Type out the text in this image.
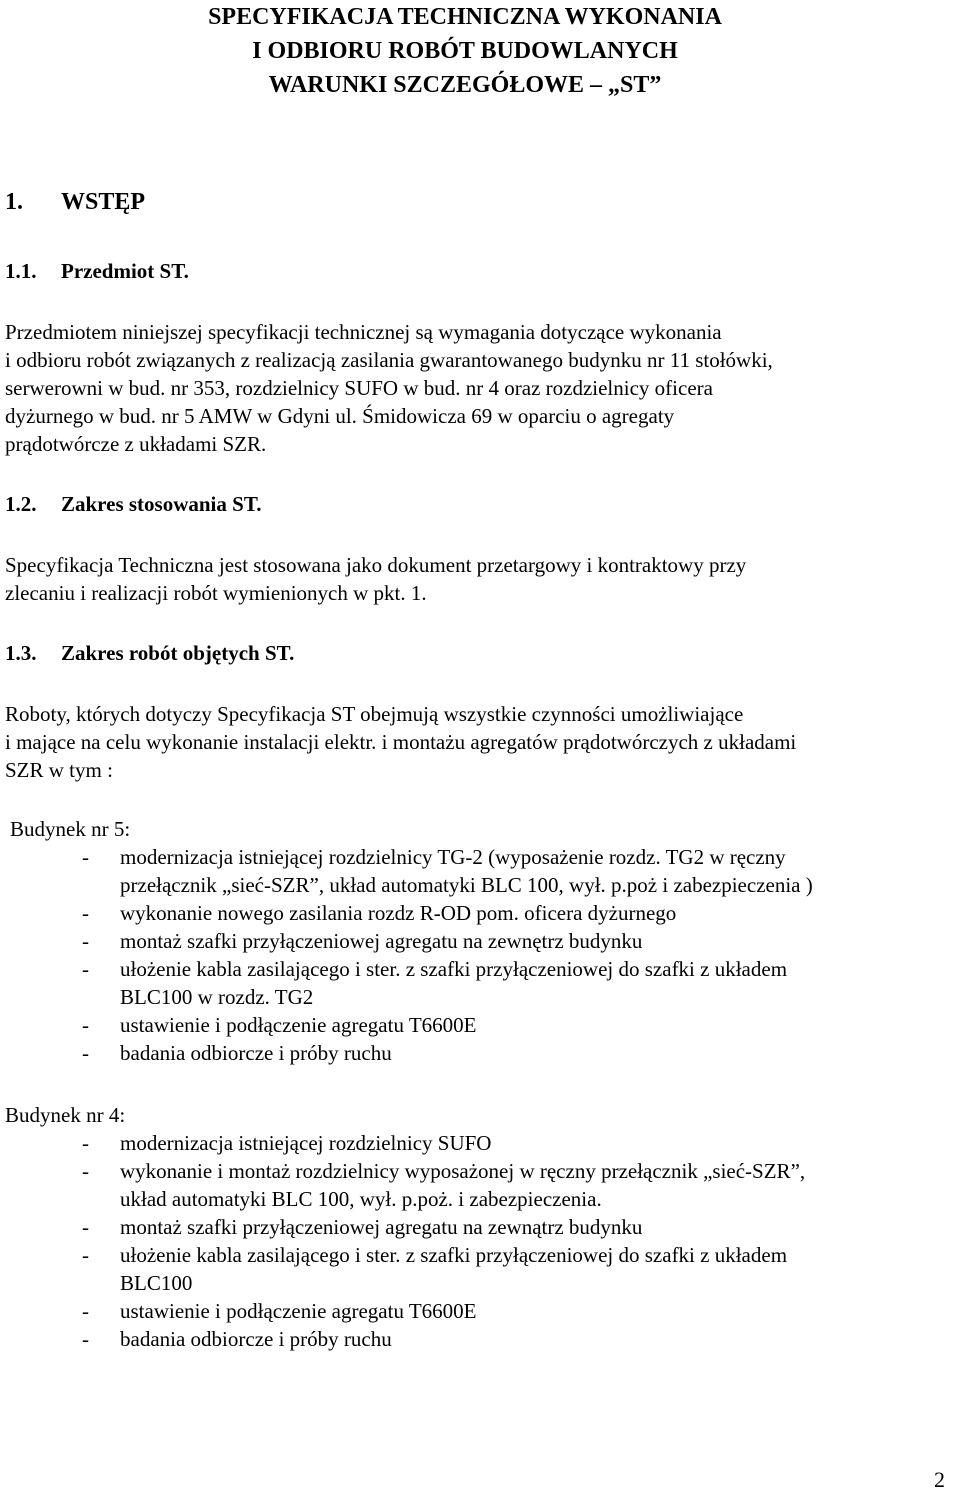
SPECYFIKACJA TECHNICZNA WYKONANIA
I ODBIORU ROBÓT BUDOWLANYCH
WARUNKI SZCZEGÓŁOWE – „ST”
1. WSTĘP
1.1. Przedmiot ST.
Przedmiotem niniejszej specyfikacji technicznej są wymagania dotyczące wykonania
i odbioru robót związanych z realizacją zasilania gwarantowanego budynku nr 11 stołówki,
serwerowni w bud. nr 353, rozdzielnicy SUFO w bud. nr 4 oraz rozdzielnicy oficera
dyżurnego w bud. nr 5 AMW w Gdyni ul. Śmidowicza 69 w oparciu o agregaty
prądotwórcze z układami SZR.
1.2. Zakres stosowania ST.
Specyfikacja Techniczna jest stosowana jako dokument przetargowy i kontraktowy przy
zlecaniu i realizacji robót wymienionych w pkt. 1.
1.3. Zakres robót objętych ST.
Roboty, których dotyczy Specyfikacja ST obejmują wszystkie czynności umożliwiające
i mające na celu wykonanie instalacji elektr. i montażu agregatów prądotwórczych z układami
SZR w tym :
Budynek nr 5:
- modernizacja istniejącej rozdzielnicy TG-2 (wyposażenie rozdz. TG2 w ręczny
przełącznik „sieć-SZR”, układ automatyki BLC 100, wył. p.poż i zabezpieczenia )
- wykonanie nowego zasilania rozdz R-OD pom. oficera dyżurnego
- montaż szafki przyłączeniowej agregatu na zewnętrz budynku
- ułożenie kabla zasilającego i ster. z szafki przyłączeniowej do szafki z układem
BLC100 w rozdz. TG2
- ustawienie i podłączenie agregatu T6600E
- badania odbiorcze i próby ruchu
Budynek nr 4:
- modernizacja istniejącej rozdzielnicy SUFO
- wykonanie i montaż rozdzielnicy wyposażonej w ręczny przełącznik „sieć-SZR”,
układ automatyki BLC 100, wył. p.poż. i zabezpieczenia.
- montaż szafki przyłączeniowej agregatu na zewnątrz budynku
- ułożenie kabla zasilającego i ster. z szafki przyłączeniowej do szafki z układem
BLC100
- ustawienie i podłączenie agregatu T6600E
- badania odbiorcze i próby ruchu
2
